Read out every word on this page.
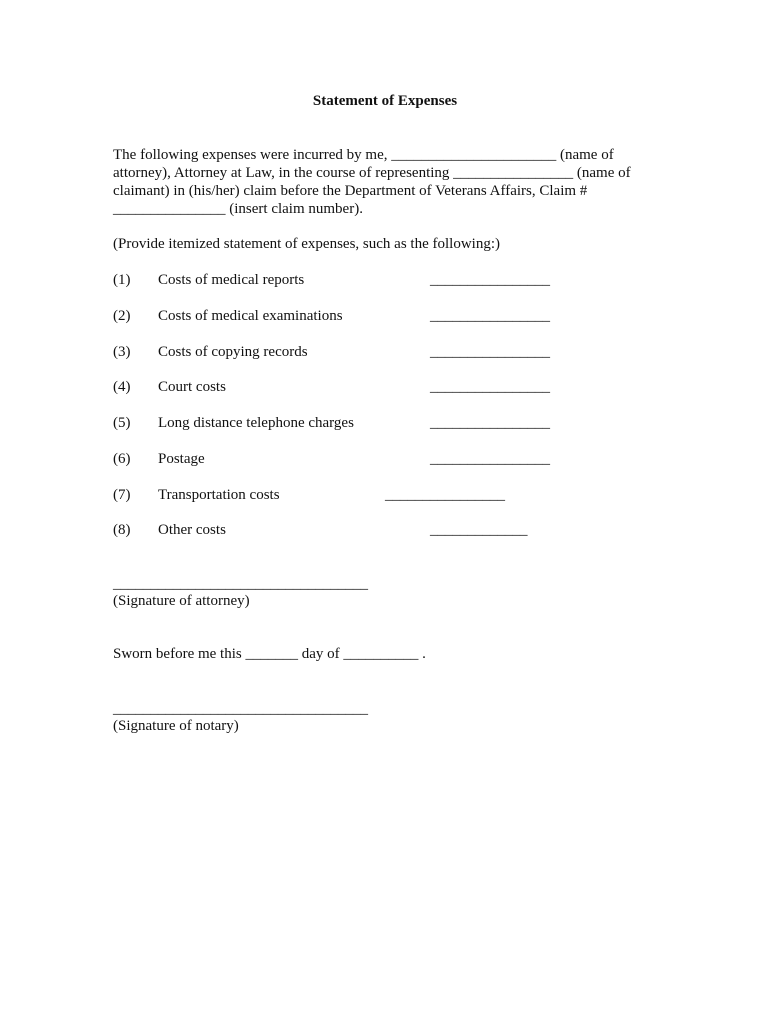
Statement of Expenses

The following expenses were incurred by me, ______________________ (name of attorney), Attorney at Law, in the course of representing ________________ (name of claimant) in (his/her) claim before the Department of Veterans Affairs, Claim # _______________ (insert claim number).

(Provide itemized statement of expenses, such as the following:)
(1) Costs of medical reports	________________
(2) Costs of medical examinations	________________
(3) Costs of copying records	________________
(4) Court costs	________________
(5) Long distance telephone charges	________________
(6) Postage	________________
(7) Transportation costs	________________
(8) Other costs	_____________
__________________________________
(Signature of attorney)
Sworn before me this _______ day of __________ .
__________________________________
(Signature of notary)
